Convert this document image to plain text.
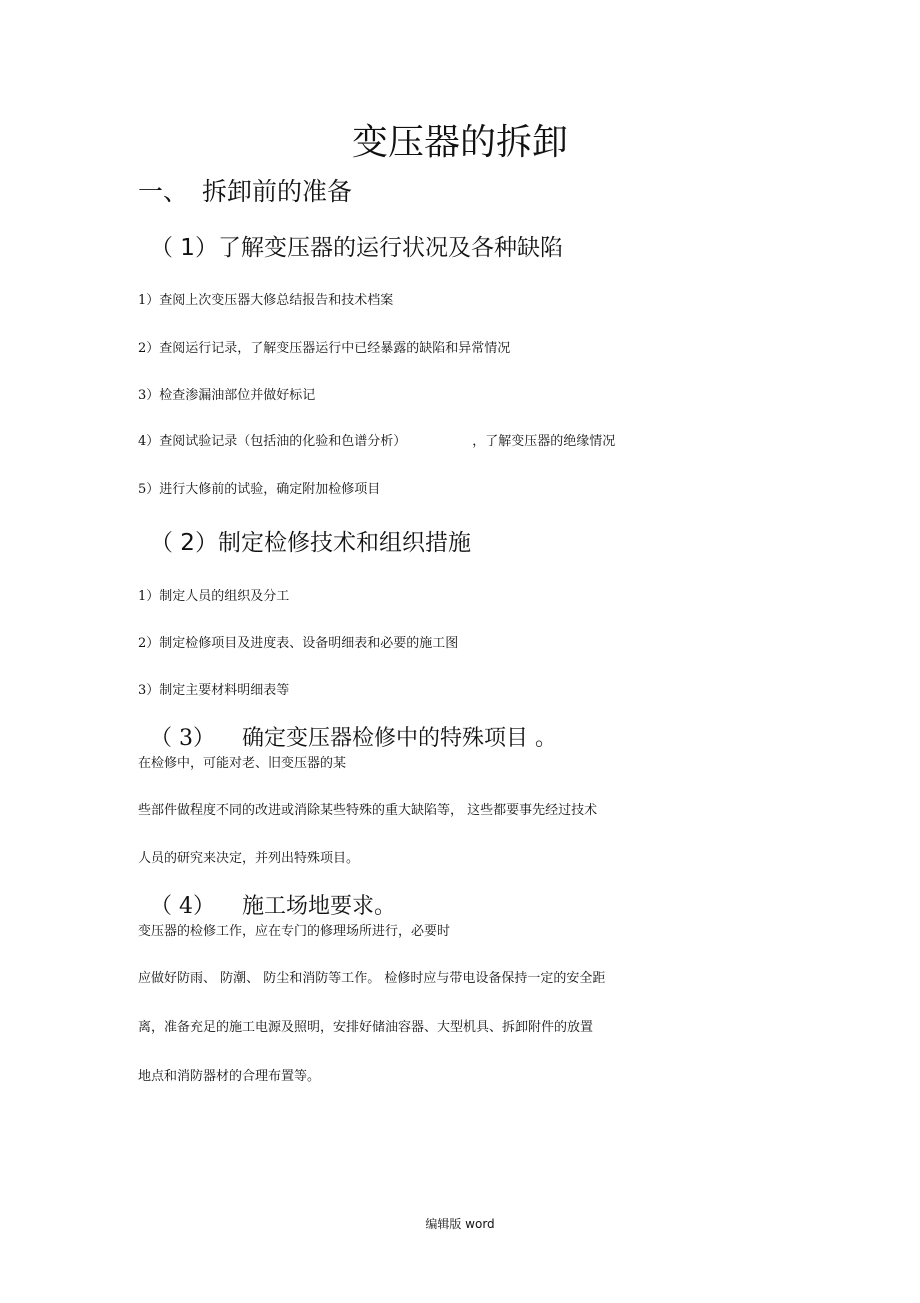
变压器的拆卸
一、 拆卸前的准备
（ 1）了解变压器的运行状况及各种缺陷
1）查阅上次变压器大修总结报告和技术档案
2）查阅运行记录，了解变压器运行中已经暴露的缺陷和异常情况
3）检查渗漏油部位并做好标记
4）查阅试验记录（包括油的化验和色谱分析）	，了解变压器的绝缘情况
5）进行大修前的试验，确定附加检修项目
（ 2）制定检修技术和组织措施
1）制定人员的组织及分工
2）制定检修项目及进度表、设备明细表和必要的施工图
3）制定主要材料明细表等
（ 3） 确定变压器检修中的特殊项目 。
在检修中，可能对老、旧变压器的某
些部件做程度不同的改进或消除某些特殊的重大缺陷等， 这些都要事先经过技术
人员的研究来决定，并列出特殊项目。
（ 4） 施工场地要求。
变压器的检修工作，应在专门的修理场所进行，必要时
应做好防雨、 防潮、 防尘和消防等工作。 检修时应与带电设备保持一定的安全距
离，准备充足的施工电源及照明，安排好储油容器、大型机具、拆卸附件的放置
地点和消防器材的合理布置等。
编辑版 word
